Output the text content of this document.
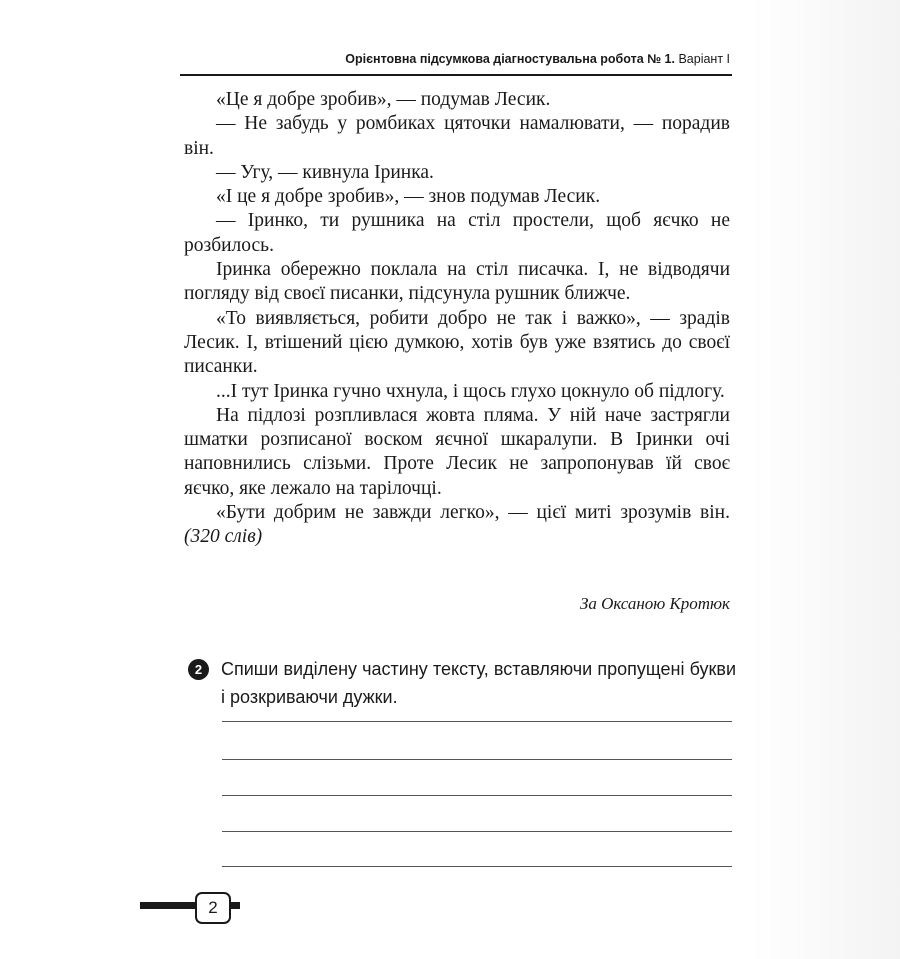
Орієнтовна підсумкова діагностувальна робота № 1. Варіант І

«Це я добре зробив», — подумав Лесик.

— Не забудь у ромбиках цяточки намалювати, — порадив він.

— Угу, — кивнула Іринка.

«І це я добре зробив», — знов подумав Лесик.

— Іринко, ти рушника на стіл простели, щоб яєчко не розбилось.

Іринка обережно поклала на стіл писачка. І, не відводячи погляду від своєї писанки, підсунула рушник ближче.

«То виявляється, робити добро не так і важко», — зрадів Лесик. І, втішений цією думкою, хотів був уже взятись до своєї писанки.

...І тут Іринка гучно чхнула, і щось глухо цокнуло об підлогу.

На підлозі розпливлася жовта пляма. У ній наче застрягли шматки розписаної воском яєчної шкаралупи. В Іринки очі наповнились слізьми. Проте Лесик не запропонував їй своє яєчко, яке лежало на тарілочці.

«Бути добрим не завжди легко», — цієї миті зрозумів він. (320 слів)

За Оксаною Кротюк
2	Спиши виділену частину тексту, вставляючи пропущені букви і розкриваючи дужки.
2
